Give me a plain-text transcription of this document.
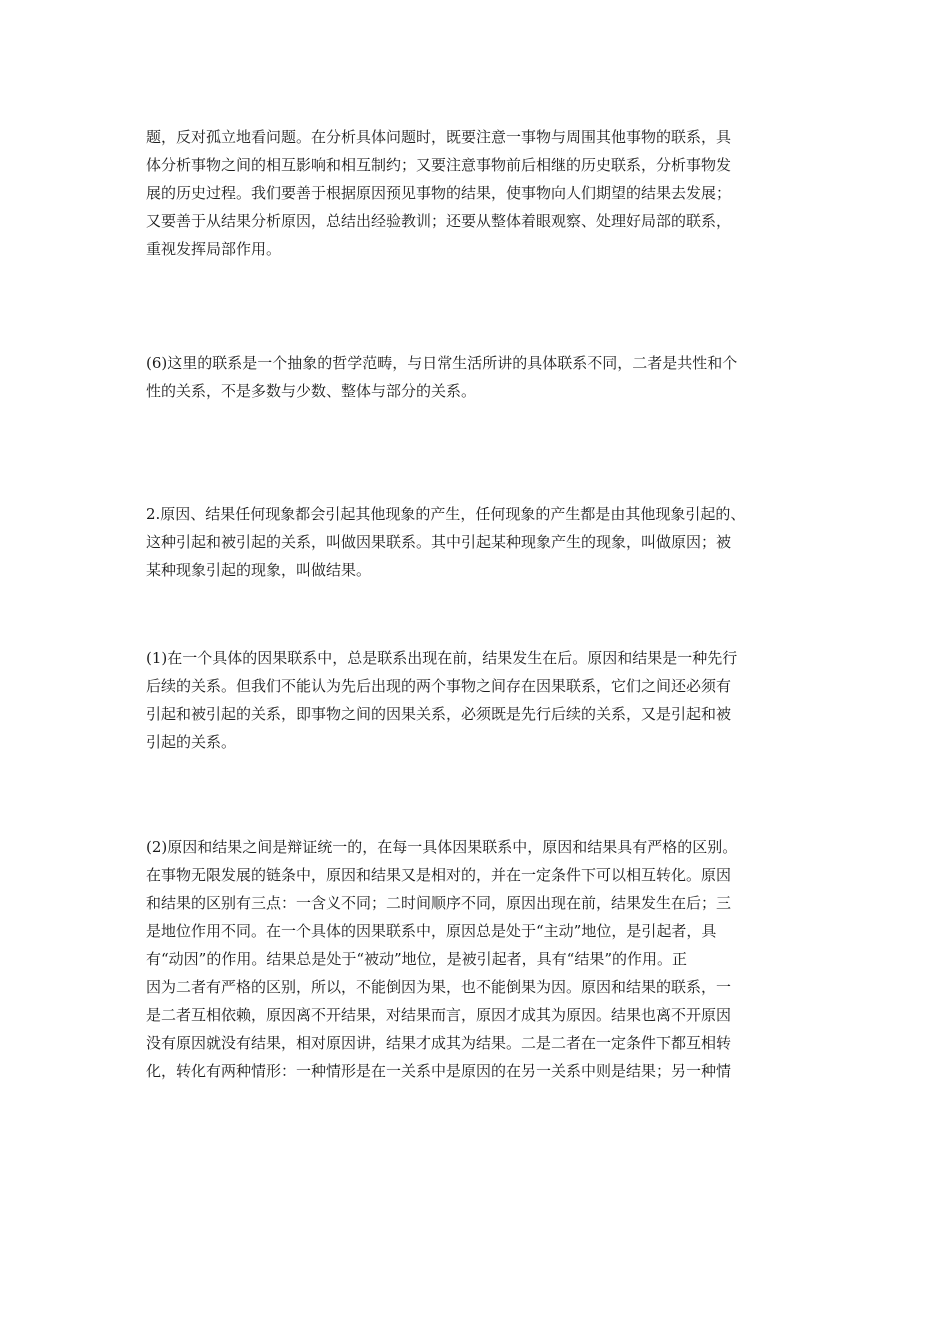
题，反对孤立地看问题。在分析具体问题时，既要注意一事物与周围其他事物的联系，具
体分析事物之间的相互影响和相互制约；又要注意事物前后相继的历史联系，分析事物发
展的历史过程。我们要善于根据原因预见事物的结果，使事物向人们期望的结果去发展；
又要善于从结果分析原因，总结出经验教训；还要从整体着眼观察、处理好局部的联系，
重视发挥局部作用。
(6)这里的联系是一个抽象的哲学范畴，与日常生活所讲的具体联系不同，二者是共性和个
性的关系，不是多数与少数、整体与部分的关系。
2.原因、结果任何现象都会引起其他现象的产生，任何现象的产生都是由其他现象引起的、
这种引起和被引起的关系，叫做因果联系。其中引起某种现象产生的现象，叫做原因；被
某种现象引起的现象，叫做结果。
(1)在一个具体的因果联系中，总是联系出现在前，结果发生在后。原因和结果是一种先行
后续的关系。但我们不能认为先后出现的两个事物之间存在因果联系，它们之间还必须有
引起和被引起的关系，即事物之间的因果关系，必须既是先行后续的关系，又是引起和被
引起的关系。
(2)原因和结果之间是辩证统一的，在每一具体因果联系中，原因和结果具有严格的区别。
在事物无限发展的链条中，原因和结果又是相对的，并在一定条件下可以相互转化。原因
和结果的区别有三点：一含义不同；二时间顺序不同，原因出现在前，结果发生在后；三
是地位作用不同。在一个具体的因果联系中，原因总是处于“主动”地位，是引起者，具
有“动因”的作用。结果总是处于“被动”地位，是被引起者，具有“结果”的作用。正
因为二者有严格的区别，所以，不能倒因为果，也不能倒果为因。原因和结果的联系，一
是二者互相依赖，原因离不开结果，对结果而言，原因才成其为原因。结果也离不开原因
没有原因就没有结果，相对原因讲，结果才成其为结果。二是二者在一定条件下都互相转
化，转化有两种情形：一种情形是在一关系中是原因的在另一关系中则是结果；另一种情
